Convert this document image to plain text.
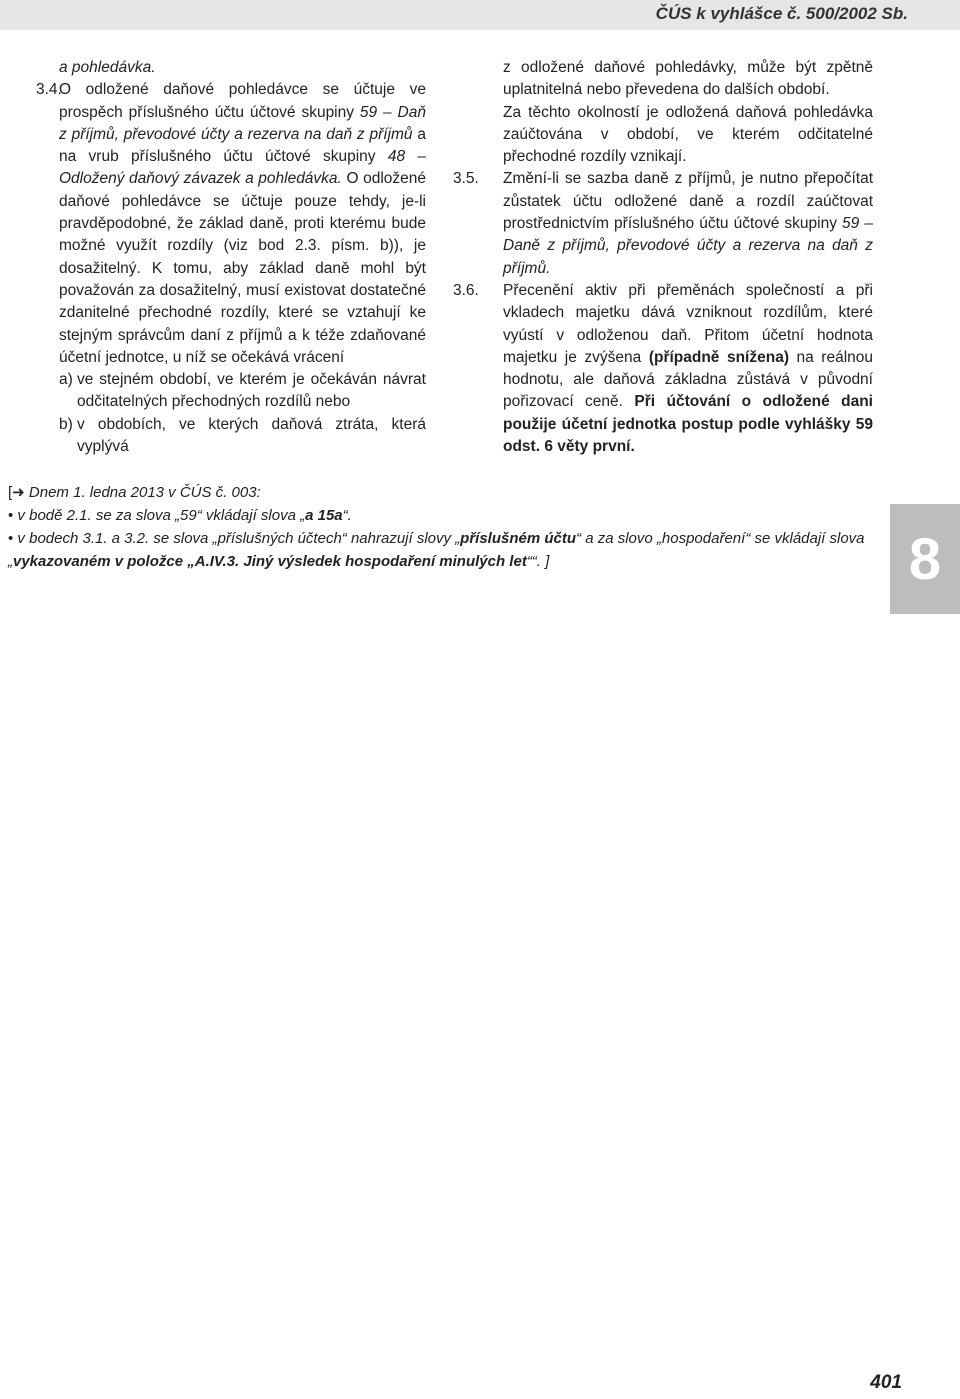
ČÚS k vyhlášce č. 500/2002 Sb.

a pohledávka.

3.4.
O odložené daňové pohledávce se účtuje ve prospěch příslušného účtu účtové skupiny 59 – Daň z příjmů, převodové účty a rezerva na daň z příjmů a na vrub příslušného účtu účtové skupiny 48 – Odložený daňový závazek a pohledávka. O odložené daňové pohledávce se účtuje pouze tehdy, je-li pravděpodobné, že základ daně, proti kterému bude možné využít rozdíly (viz bod 2.3. písm. b)), je dosažitelný. K tomu, aby základ daně mohl být považován za dosažitelný, musí existovat dostatečné zdanitelné přechodné rozdíly, které se vztahují ke stejným správcům daní z příjmů a k téže zdaňované účetní jednotce, u níž se očekává vrácení
a) ve stejném období, ve kterém je očekáván návrat odčitatelných přechodných rozdílů nebo
b) v obdobích, ve kterých daňová ztráta, která vyplývá

z odložené daňové pohledávky, může být zpětně uplatnitelná nebo převedena do dalších období.

Za těchto okolností je odložená daňová pohledávka zaúčtována v období, ve kterém odčitatelné přechodné rozdíly vznikají.

3.5. Změní-li se sazba daně z příjmů, je nutno přepočítat zůstatek účtu odložené daně a rozdíl zaúčtovat prostřednictvím příslušného účtu účtové skupiny 59 – Daně z příjmů, převodové účty a rezerva na daň z příjmů.
3.6. Přecenění aktiv při přeměnách společností a při vkladech majetku dává vzniknout rozdílům, které vyústí v odloženou daň. Přitom účetní hodnota majetku je zvýšena (případně snížena) na reálnou hodnotu, ale daňová základna zůstává v původní pořizovací ceně. Při účtování o odložené dani použije účetní jednotka postup podle vyhlášky 59 odst. 6 věty první.

[➜ Dnem 1. ledna 2013 v ČÚS č. 003:

• v bodě 2.1. se za slova „59“ vkládají slova „a 15a“.

• v bodech 3.1. a 3.2. se slova „příslušných účtech“ nahrazují slovy „příslušném účtu“ a za slovo „hospodaření“ se vkládají slova „vykazovaném v položce „A.IV.3. Jiný výsledek hospodaření minulých let““. ]	8
401
